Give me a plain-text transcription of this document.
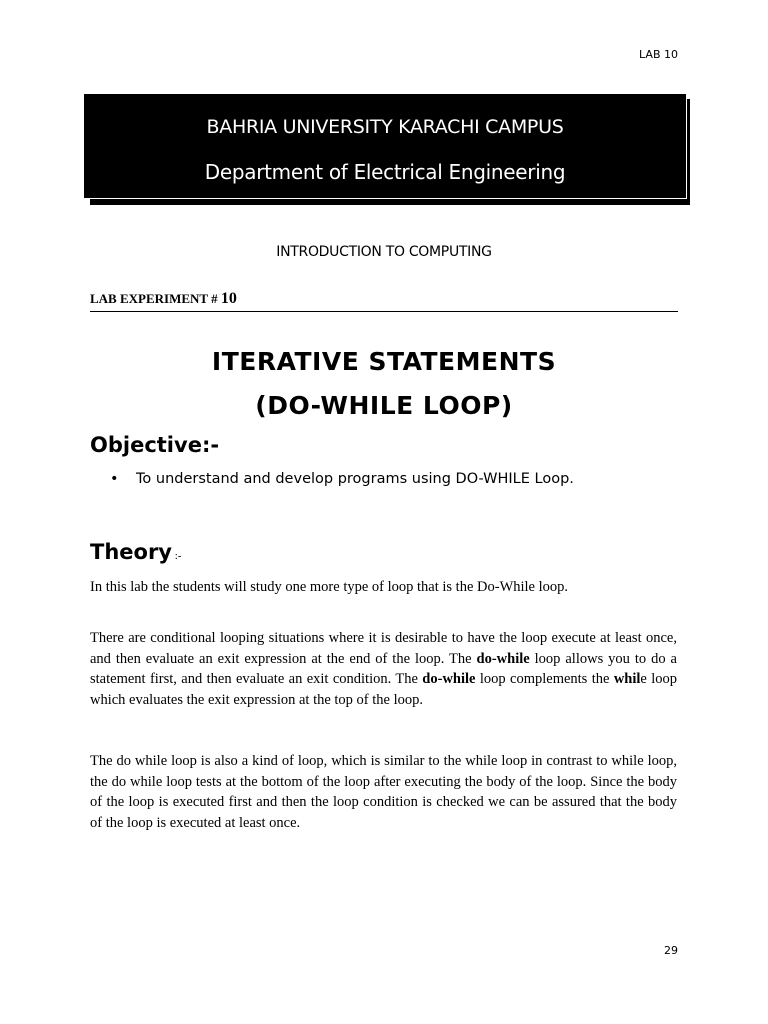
LAB 10
BAHRIA UNIVERSITY KARACHI CAMPUS
Department of Electrical Engineering
INTRODUCTION TO COMPUTING
LAB EXPERIMENT # 10
ITERATIVE STATEMENTS
(DO-WHILE LOOP)
Objective:-
• To understand and develop programs using DO-WHILE Loop.
Theory :-
In this lab the students will study one more type of loop that is the Do-While loop.
There are conditional looping situations where it is desirable to have the loop execute at least once, and then evaluate an exit expression at the end of the loop. The do-while loop allows you to do a statement first, and then evaluate an exit condition. The do-while loop complements the while loop which evaluates the exit expression at the top of the loop.
The do while loop is also a kind of loop, which is similar to the while loop in contrast to while loop, the do while loop tests at the bottom of the loop after executing the body of the loop. Since the body of the loop is executed first and then the loop condition is checked we can be assured that the body of the loop is executed at least once.
29
